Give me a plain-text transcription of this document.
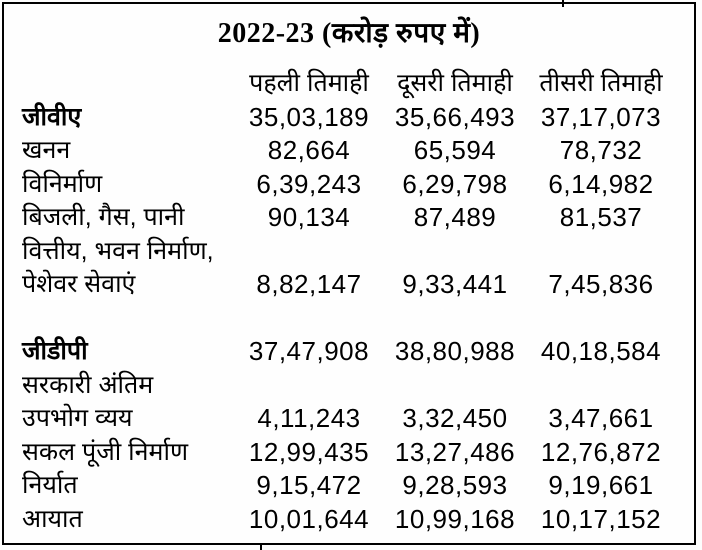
2022-23 (करोड़ रुपए में)
पहली तिमाही	दूसरी तिमाही	तीसरी तिमाही
जीवीए	35,03,189 35,66,493 37,17,073
खनन	82,664	65,594	78,732
विनिर्माण	6,39,243	6,29,798	6,14,982
बिजली, गैस, पानी	90,134	87,489	81,537
वित्तीय, भवन निर्माण,
पेशेवर सेवाएं	8,82,147	9,33,441	7,45,836
जीडीपी	37,47,908 38,80,988 40,18,584
सरकारी अंतिम
उपभोग व्यय	4,11,243	3,32,450	3,47,661
सकल पूंजी निर्माण	12,99,435 13,27,486 12,76,872
निर्यात	9,15,472	9,28,593	9,19,661
आयात	10,01,644 10,99,168 10,17,152
